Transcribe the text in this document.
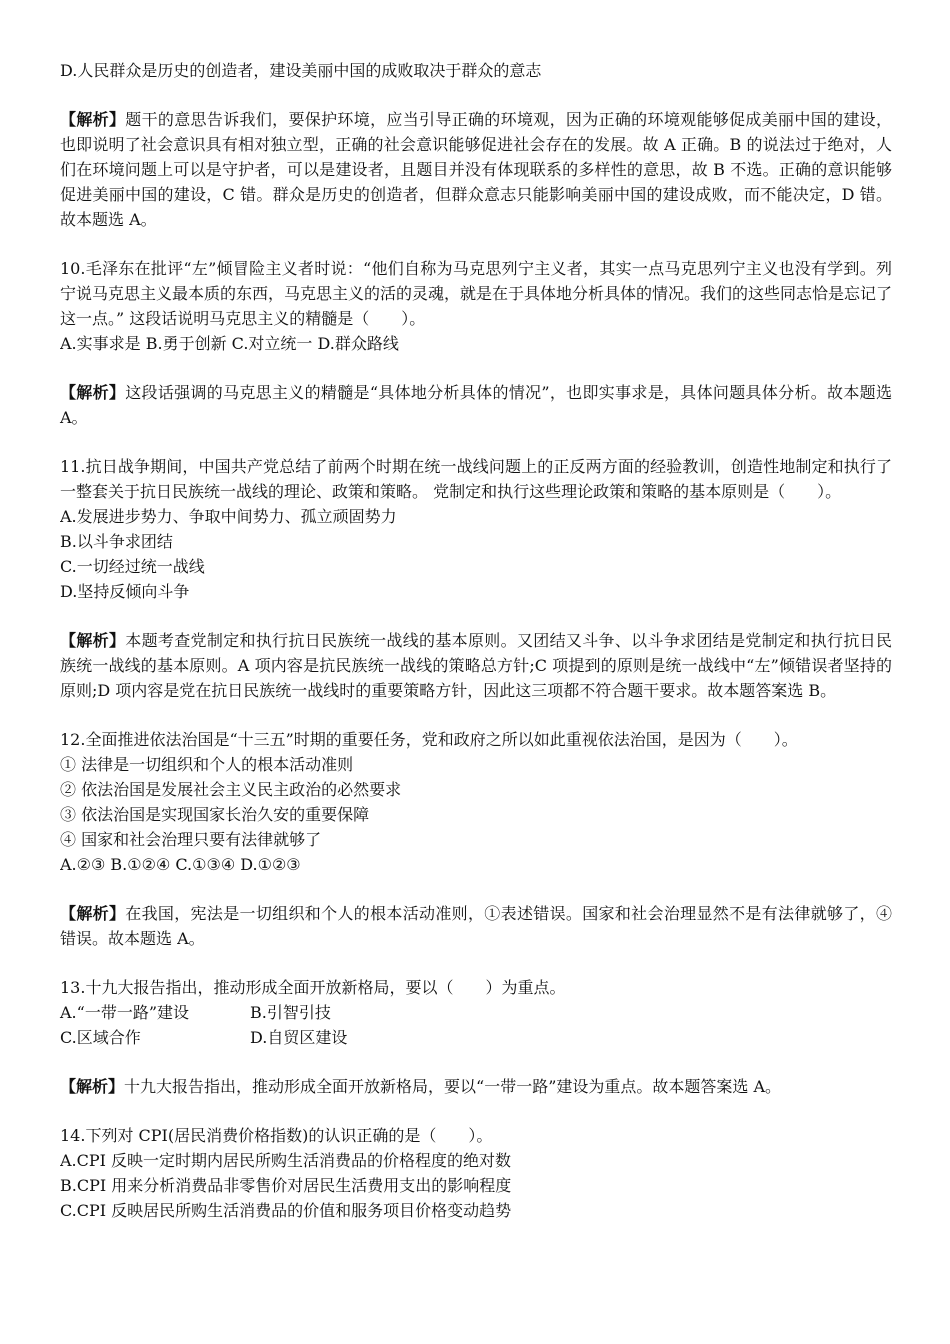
D.人民群众是历史的创造者，建设美丽中国的成败取决于群众的意志
【解析】题干的意思告诉我们，要保护环境，应当引导正确的环境观，因为正确的环境观能够促成美丽中国的建设，也即说明了社会意识具有相对独立型，正确的社会意识能够促进社会存在的发展。故 A 正确。B 的说法过于绝对，人们在环境问题上可以是守护者，可以是建设者，且题目并没有体现联系的多样性的意思，故 B 不选。正确的意识能够促进美丽中国的建设，C 错。群众是历史的创造者，但群众意志只能影响美丽中国的建设成败，而不能决定，D 错。故本题选 A。
10.毛泽东在批评“左”倾冒险主义者时说：“他们自称为马克思列宁主义者，其实一点马克思列宁主义也没有学到。列宁说马克思主义最本质的东西，马克思主义的活的灵魂，就是在于具体地分析具体的情况。我们的这些同志恰是忘记了这一点。” 这段话说明马克思主义的精髓是（　　）。
A.实事求是 B.勇于创新 C.对立统一 D.群众路线
【解析】这段话强调的马克思主义的精髓是“具体地分析具体的情况”，也即实事求是，具体问题具体分析。故本题选 A。
11.抗日战争期间，中国共产党总结了前两个时期在统一战线问题上的正反两方面的经验教训，创造性地制定和执行了一整套关于抗日民族统一战线的理论、政策和策略。 党制定和执行这些理论政策和策略的基本原则是（　　）。
A.发展进步势力、争取中间势力、孤立顽固势力
B.以斗争求团结
C.一切经过统一战线
D.坚持反倾向斗争
【解析】本题考查党制定和执行抗日民族统一战线的基本原则。又团结又斗争、以斗争求团结是党制定和执行抗日民族统一战线的基本原则。A 项内容是抗民族统一战线的策略总方针;C 项提到的原则是统一战线中“左”倾错误者坚持的原则;D 项内容是党在抗日民族统一战线时的重要策略方针，因此这三项都不符合题干要求。故本题答案选 B。
12.全面推进依法治国是“十三五”时期的重要任务，党和政府之所以如此重视依法治国，是因为（　　）。
① 法律是一切组织和个人的根本活动准则
② 依法治国是发展社会主义民主政治的必然要求
③ 依法治国是实现国家长治久安的重要保障
④ 国家和社会治理只要有法律就够了
A.②③ B.①②④ C.①③④ D.①②③
【解析】在我国，宪法是一切组织和个人的根本活动准则，①表述错误。国家和社会治理显然不是有法律就够了，④错误。故本题选 A。
13.十九大报告指出，推动形成全面开放新格局，要以（　　）为重点。
A.“一带一路”建设	B.引智引技
C.区域合作	D.自贸区建设
【解析】十九大报告指出，推动形成全面开放新格局，要以“一带一路”建设为重点。故本题答案选 A。
14.下列对 CPI(居民消费价格指数)的认识正确的是（　　）。
A.CPI 反映一定时期内居民所购生活消费品的价格程度的绝对数
B.CPI 用来分析消费品非零售价对居民生活费用支出的影响程度
C.CPI 反映居民所购生活消费品的价值和服务项目价格变动趋势
